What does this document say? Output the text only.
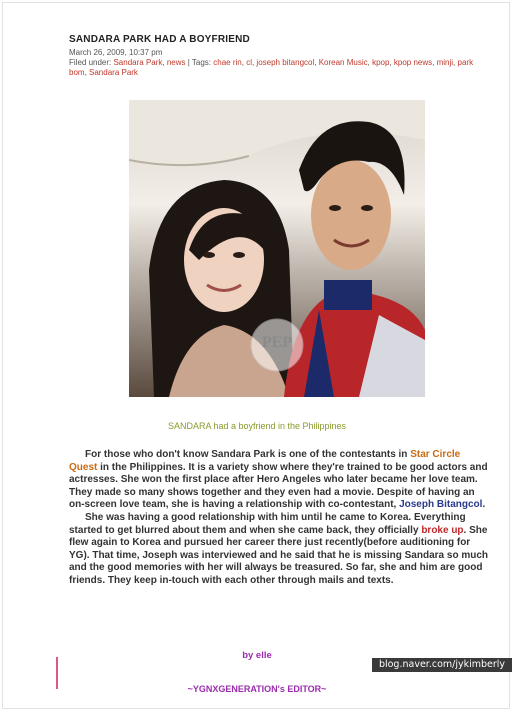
SANDARA PARK HAD A BOYFRIEND
March 26, 2009, 10:37 pm
Filed under: Sandara Park, news | Tags: chae rin, cl, joseph bitangcol, Korean Music, kpop, kpop news, minji, park bom, Sandara Park
PEP
SANDARA had a boyfriend in the Philippines

For those who don't know Sandara Park is one of the contestants in Star Circle Quest in the Philippines. It is a variety show where they're trained to be good actors and actresses. She won the first place after Hero Angeles who later became her love team. They made so many shows together and they even had a movie. Despite of having an on-screen love team, she is having a relationship with co-contestant, Joseph Bitangcol.

She was having a good relationship with him until he came to Korea. Everything started to get blurred about them and when she came back, they officially broke up. She flew again to Korea and pursued her career there just recently(before auditioning for YG). That time, Joseph was interviewed and he said that he is missing Sandara so much and the good memories with her will always be treasured. So far, she and him are good friends. They keep in-touch with each other through mails and texts.

by elle
blog.naver.com/jykimberly
~YGNXGENERATION's EDITOR~
